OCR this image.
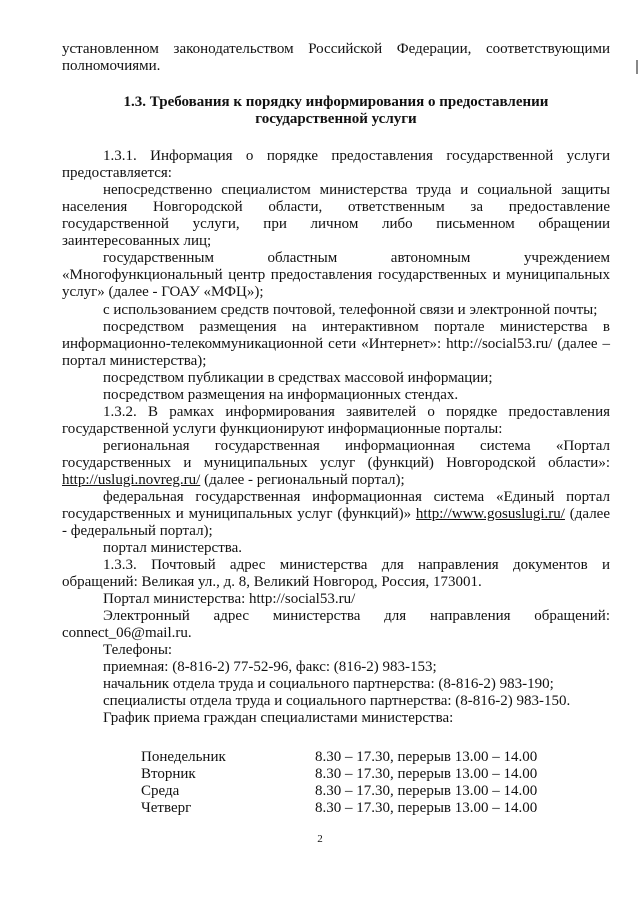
установленном законодательством Российской Федерации, соответствующими полномочиями.

1.3. Требования к порядку информирования о предоставлении

государственной услуги

1.3.1. Информация о порядке предоставления государственной услуги предоставляется:

непосредственно специалистом министерства труда и социальной защиты населения Новгородской области, ответственным за предоставление государственной услуги, при личном либо письменном обращении заинтересованных лиц;

государственным областным автономным учреждением «Многофункциональный центр предоставления государственных и муниципальных услуг» (далее - ГОАУ «МФЦ»);

с использованием средств почтовой, телефонной связи и электронной почты;

посредством размещения на интерактивном портале министерства в информационно-телекоммуникационной сети «Интернет»: http://social53.ru/ (далее – портал министерства);

посредством публикации в средствах массовой информации;

посредством размещения на информационных стендах.

1.3.2. В рамках информирования заявителей о порядке предоставления государственной услуги функционируют информационные порталы:

региональная государственная информационная система «Портал государственных и муниципальных услуг (функций) Новгородской области»: http://uslugi.novreg.ru/ (далее - региональный портал);

федеральная государственная информационная система «Единый портал государственных и муниципальных услуг (функций)» http://www.gosuslugi.ru/ (далее - федеральный портал);

портал министерства.

1.3.3. Почтовый адрес министерства для направления документов и обращений: Великая ул., д. 8, Великий Новгород, Россия, 173001.

Портал министерства: http://social53.ru/

Электронный адрес министерства для направления обращений: connect_06@mail.ru.

Телефоны:

приемная: (8-816-2) 77-52-96, факс: (816-2) 983-153;

начальник отдела труда и социального партнерства: (8-816-2) 983-190;

специалисты отдела труда и социального партнерства: (8-816-2) 983-150.

График приема граждан специалистами министерства:

Понедельник	8.30 – 17.30, перерыв 13.00 – 14.00
Вторник	8.30 – 17.30, перерыв 13.00 – 14.00
Среда	8.30 – 17.30, перерыв 13.00 – 14.00
Четверг	8.30 – 17.30, перерыв 13.00 – 14.00
2
